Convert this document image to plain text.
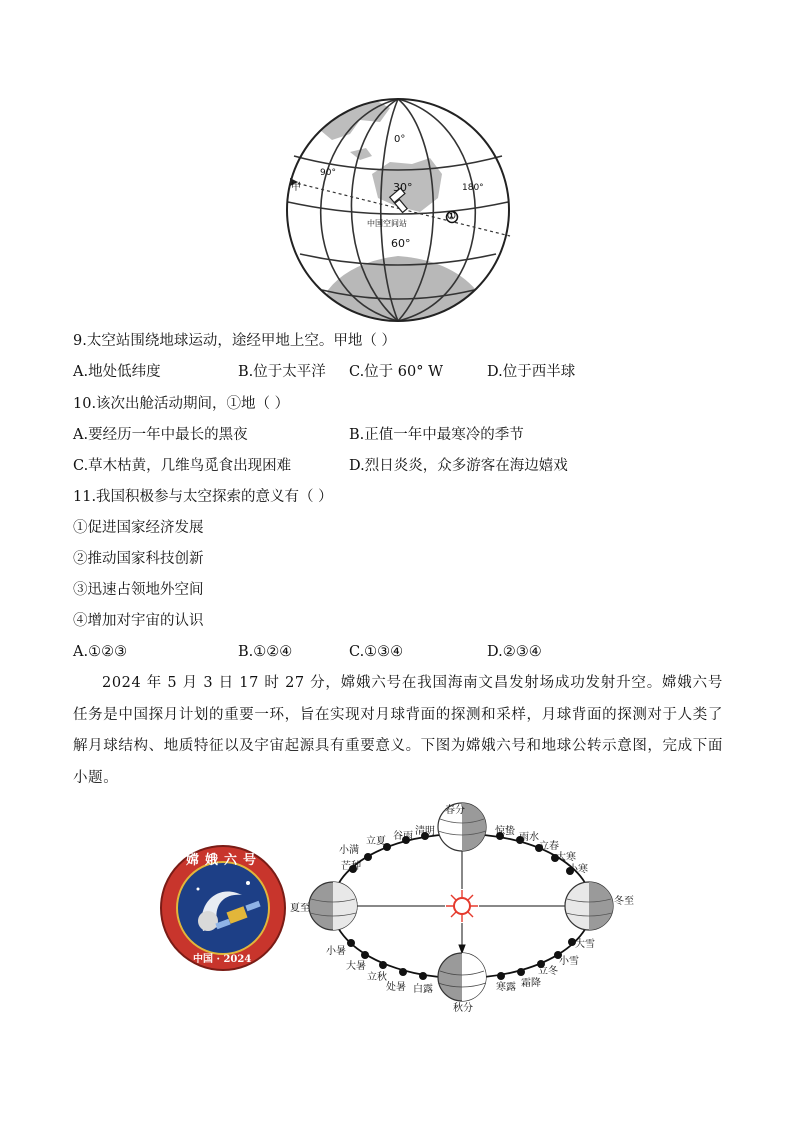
0°
90°
30°	180°
中国空间站
60°
甲
①
9.太空站围绕地球运动，途经甲地上空。甲地（ ）
A.地处低纬度	B.位于太平洋 C.位于 60° W	D.位于西半球
10.该次出舱活动期间，①地（ ）
A.要经历一年中最长的黑夜	B.正值一年中最寒冷的季节
C.草木枯黄，几维鸟觅食出现困难	D.烈日炎炎，众多游客在海边嬉戏
11.我国积极参与太空探索的意义有（ ）
①促进国家经济发展
②推动国家科技创新
③迅速占领地外空间
④增加对宇宙的认识
A.①②③	B.①②④	C.①③④	D.②③④
2024 年 5 月 3 日 17 时 27 分，嫦娥六号在我国海南文昌发射场成功发射升空。嫦娥六号任务是中国探月计划的重要一环，旨在实现对月球背面的探测和采样，月球背面的探测对于人类了解月球结构、地质特征以及宇宙起源具有重要意义。下图为嫦娥六号和地球公转示意图，完成下面小题。
嫦娥六号
中国 · 2024
春分
清明
谷雨
立夏
小满
芒种
夏至
小暑
大暑
立秋
处暑 白露
秋分
寒露 霜降
立冬
小雪
大雪
冬至
小寒
大寒
立春
雨水
惊蛰
